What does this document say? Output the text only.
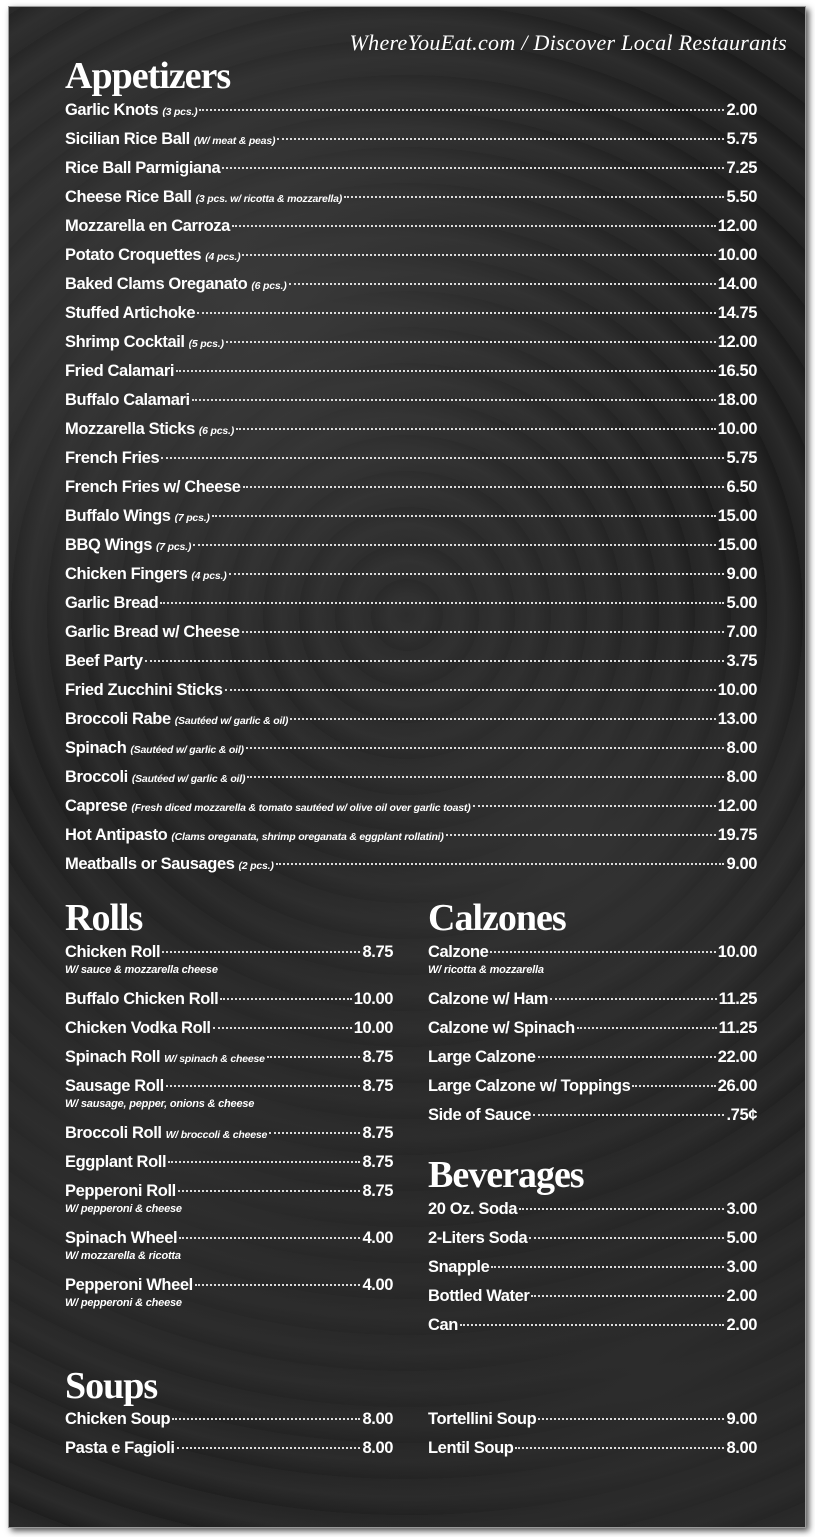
WhereYouEat.com / Discover Local Restaurants
Appetizers
Garlic Knots (3 pcs.)	2.00
Sicilian Rice Ball (W/ meat & peas)	5.75
Rice Ball Parmigiana	7.25
Cheese Rice Ball (3 pcs. w/ ricotta & mozzarella)	5.50
Mozzarella en Carroza	12.00
Potato Croquettes (4 pcs.)	10.00
Baked Clams Oreganato (6 pcs.)	14.00
Stuffed Artichoke	14.75
Shrimp Cocktail (5 pcs.)	12.00
Fried Calamari	16.50
Buffalo Calamari	18.00
Mozzarella Sticks (6 pcs.)	10.00
French Fries	5.75
French Fries w/ Cheese	6.50
Buffalo Wings (7 pcs.)	15.00
BBQ Wings (7 pcs.)	15.00
Chicken Fingers (4 pcs.)	9.00
Garlic Bread	5.00
Garlic Bread w/ Cheese	7.00
Beef Party	3.75
Fried Zucchini Sticks	10.00
Broccoli Rabe (Sautéed w/ garlic & oil)	13.00
Spinach (Sautéed w/ garlic & oil)	8.00
Broccoli (Sautéed w/ garlic & oil)	8.00
Caprese (Fresh diced mozzarella & tomato sautéed w/ olive oil over garlic toast)	12.00
Hot Antipasto (Clams oreganata, shrimp oreganata & eggplant rollatini)	19.75
Meatballs or Sausages (2 pcs.)	9.00
Rolls
Chicken Roll	8.75
W/ sauce & mozzarella cheese
Buffalo Chicken Roll	10.00
Chicken Vodka Roll	10.00
Spinach Roll W/ spinach & cheese	8.75
Sausage Roll	8.75
W/ sausage, pepper, onions & cheese
Broccoli Roll W/ broccoli & cheese	8.75
Eggplant Roll	8.75
Pepperoni Roll	8.75
W/ pepperoni & cheese
Spinach Wheel	4.00
W/ mozzarella & ricotta
Pepperoni Wheel	4.00
W/ pepperoni & cheese
Calzones
Calzone	10.00
W/ ricotta & mozzarella
Calzone w/ Ham	11.25
Calzone w/ Spinach	11.25
Large Calzone	22.00
Large Calzone w/ Toppings	26.00
Side of Sauce	.75¢
Beverages
20 Oz. Soda	3.00
2-Liters Soda	5.00
Snapple	3.00
Bottled Water	2.00
Can	2.00
Soups
Chicken Soup	8.00
Pasta e Fagioli	8.00
Tortellini Soup	9.00
Lentil Soup	8.00
